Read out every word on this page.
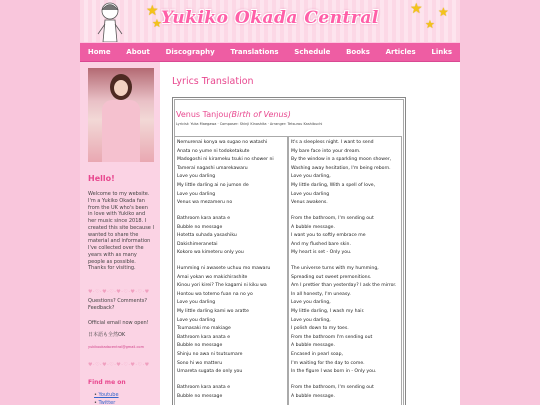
★
★
★
★
★
Yukiko Okada Central
Home About Discography Translations Schedule Books Articles Links
Hello!
Welcome to my website. I'm a Yukiko Okada fan from the UK who's been in love with Yukiko and her music since 2018. I created this site because I wanted to share the material and information I've collected over the years with as many people as possible. Thanks for visiting.
♥·♡·♥·♡·♥·♡·♥·♡·♥
Questions? Comments? Feedback?
Official email now open!
日本語も全然OK
yukikookadacentral@gmail.com
♥·♡·♥·♡·♥·♡·♥·♡·♥
Find me on
• Youtube
• Twitter
Lyrics Translation
Venus Tanjou(Birth of Venus)
Lyricist: Yuka Maegawa · Composer: Shinji Kinoshita · Arranger: Tetsurou Kashibuchi

Nemurenai konya wa sugao no watashi
Anata no yume ni todoketakute
Madogoshi ni kirameku tsuki no shower ni
Tameraí nagashi umarekawaru
Love you darling
My little darling ai no jumon de
Love you darling
Venus wa mezameru no

Bathroom kara anata e
Bubble no message
Hotetta suhada yasashiku
Dakishimeranetai
Kokoro wa kimeteru only you

Humming ni awasete uchuu mo mawaru
Amai yokan wo makichirashite
Kinou yori kirei? The kagami ni kiku wa
Hontou wa totemo fuan na no yo
Love you darling
My little darling kami wo aratte
Love you darling
Tsumasaki mo makiage
Bathroom kara anata e
Bubble no message
Shinju no awa ni tsutsumare
Sono hi wo matteru
Umareta sugata de only you

Bathroom kara anata e
Bubble no message

It's a sleepless night. I want to send
My bare face into your dream.
By the window in a sparkling moon shower,
Washing away hesitation, I'm being reborn.
Love you darling,
My little darling, With a spell of love,
Love you darling
Venus awakens.

From the bathroom, I'm sending out
A bubble message.
I want you to softly embrace me
And my flushed bare skin.
My heart is set - Only you.

The universe turns with my humming,
Spreading out sweet premonitions.
Am I prettier than yesterday? I ask the mirror.
In all honesty, I'm uneasy.
Love you darling,
My little darling, I wash my hair.
Love you darling,
I polish down to my toes.
From the bathroom I'm sending out
A bubble message.
Encased in pearl soap,
I'm waiting for the day to come.
In the figure I was born in - Only you.

From the bathroom, I'm sending out
A bubble message.
